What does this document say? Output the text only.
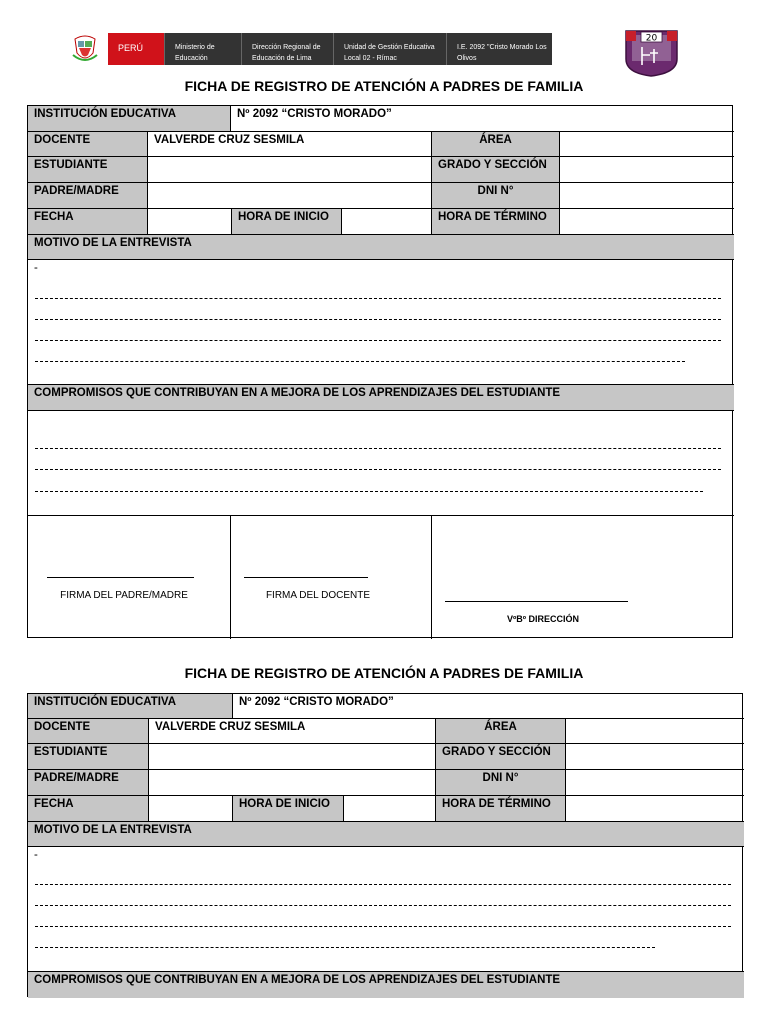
PERÚ	Ministerio de Educación
Dirección Regional de Educación de Lima
Unidad de Gestión Educativa Local 02 - Rímac
I.E. 2092 "Cristo Morado Los Olivos
20
FICHA DE REGISTRO DE ATENCIÓN A PADRES DE FAMILIA
INSTITUCIÓN EDUCATIVA	Nº 2092 “CRISTO MORADO”
DOCENTE	VALVERDE CRUZ SESMILA	ÁREA
ESTUDIANTE	GRADO Y SECCIÓN
PADRE/MADRE	DNI N°
FECHA	HORA DE INICIO	HORA DE TÉRMINO
MOTIVO DE LA ENTREVISTA
-
COMPROMISOS QUE CONTRIBUYAN EN A MEJORA DE LOS APRENDIZAJES DEL ESTUDIANTE
FIRMA DEL PADRE/MADRE	FIRMA DEL DOCENTE
VºBº DIRECCIÓN
FICHA DE REGISTRO DE ATENCIÓN A PADRES DE FAMILIA
INSTITUCIÓN EDUCATIVA	Nº 2092 “CRISTO MORADO”
DOCENTE	VALVERDE CRUZ SESMILA	ÁREA
ESTUDIANTE	GRADO Y SECCIÓN
PADRE/MADRE	DNI N°
FECHA	HORA DE INICIO	HORA DE TÉRMINO
MOTIVO DE LA ENTREVISTA
-
COMPROMISOS QUE CONTRIBUYAN EN A MEJORA DE LOS APRENDIZAJES DEL ESTUDIANTE
